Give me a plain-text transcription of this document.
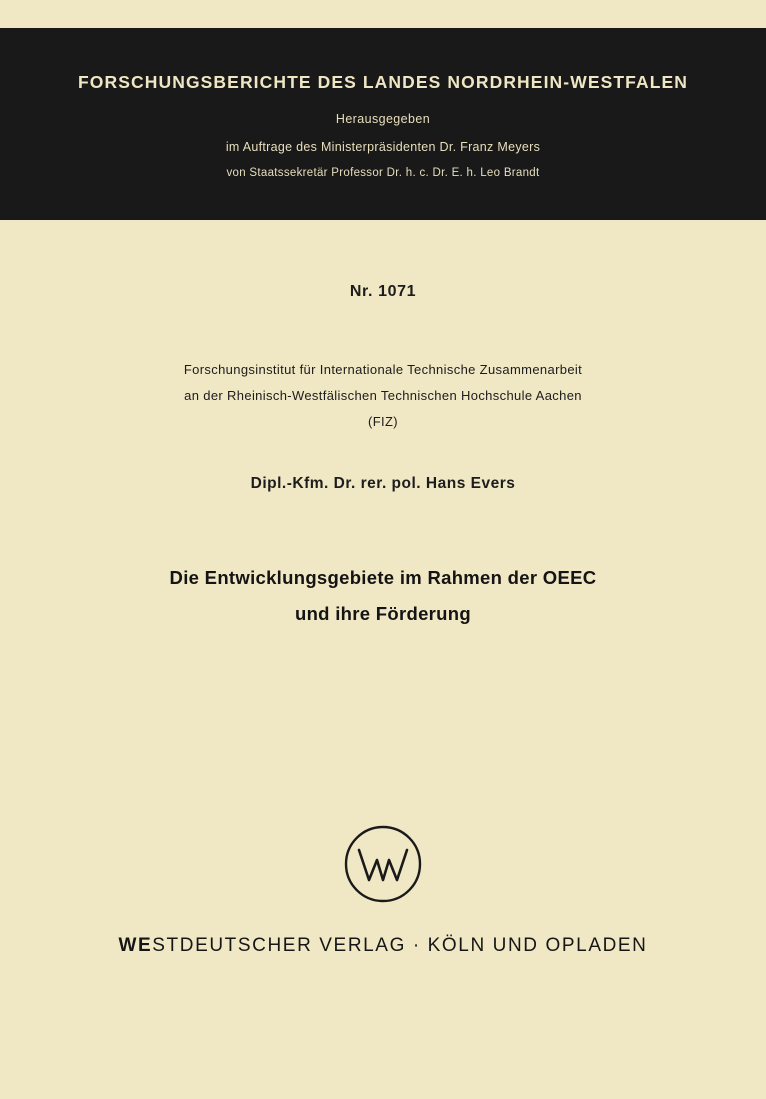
FORSCHUNGSBERICHTE DES LANDES NORDRHEIN-WESTFALEN
Herausgegeben
im Auftrage des Ministerpräsidenten Dr. Franz Meyers
von Staatssekretär Professor Dr. h. c. Dr. E. h. Leo Brandt
Nr. 1071
Forschungsinstitut für Internationale Technische Zusammenarbeit
an der Rheinisch-Westfälischen Technischen Hochschule Aachen
(FIZ)
Dipl.-Kfm. Dr. rer. pol. Hans Evers
Die Entwicklungsgebiete im Rahmen der OEEC
und ihre Förderung
WESTDEUTSCHER VERLAG · KÖLN UND OPLADEN
